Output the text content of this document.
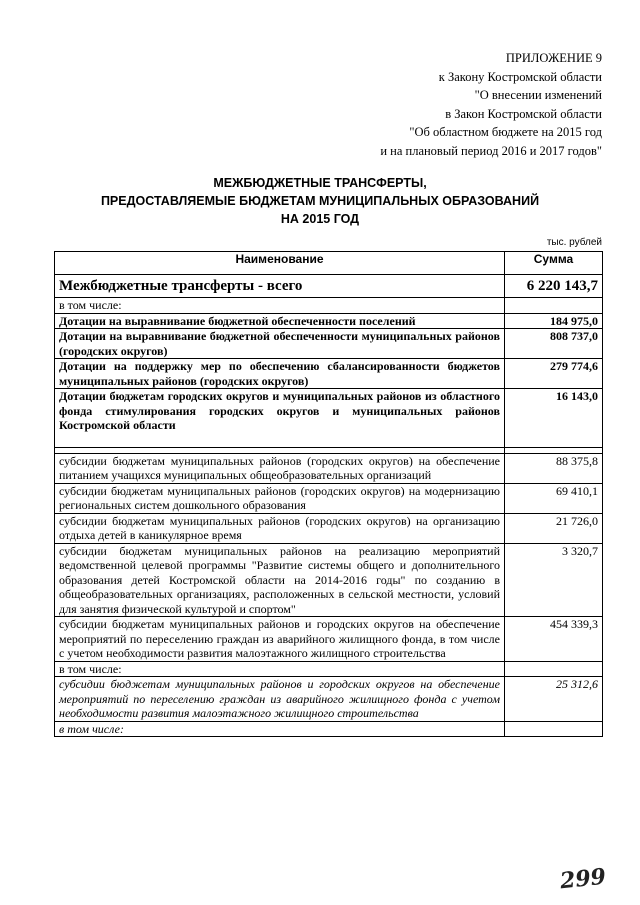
ПРИЛОЖЕНИЕ 9
к Закону Костромской области
"О внесении изменений
в Закон Костромской области
"Об областном бюджете на 2015 год
и на плановый период 2016 и 2017 годов"
МЕЖБЮДЖЕТНЫЕ ТРАНСФЕРТЫ,
ПРЕДОСТАВЛЯЕМЫЕ БЮДЖЕТАМ МУНИЦИПАЛЬНЫХ ОБРАЗОВАНИЙ
НА 2015 ГОД
тыс. рублей
Наименование	Сумма
Межбюджетные трансферты - всего	6 220 143,7
в том числе:	
Дотации на выравнивание бюджетной обеспеченности поселений	184 975,0
Дотации на выравнивание бюджетной обеспеченности муниципальных районов (городских округов)	808 737,0
Дотации на поддержку мер по обеспечению сбалансированности бюджетов муниципальных районов (городских округов)	279 774,6
Дотации бюджетам городских округов и муниципальных районов из областного фонда стимулирования городских округов и муниципальных районов Костромской области	16 143,0

субсидии бюджетам муниципальных районов (городских округов) на обеспечение питанием учащихся муниципальных общеобразовательных организаций	88 375,8
субсидии бюджетам муниципальных районов (городских округов) на модернизацию региональных систем дошкольного образования	69 410,1
субсидии бюджетам муниципальных районов (городских округов) на организацию отдыха детей в каникулярное время	21 726,0
субсидии бюджетам муниципальных районов на реализацию мероприятий ведомственной целевой программы "Развитие системы общего и дополнительного образования детей Костромской области на 2014-2016 годы" по созданию в общеобразовательных организациях, расположенных в сельской местности, условий для занятия физической культурой и спортом"	3 320,7
субсидии бюджетам муниципальных районов и городских округов на обеспечение мероприятий по переселению граждан из аварийного жилищного фонда, в том числе с учетом необходимости развития малоэтажного жилищного строительства	454 339,3
в том числе:	
субсидии бюджетам муниципальных районов и городских округов на обеспечение мероприятий по переселению граждан из аварийного жилищного фонда с учетом необходимости развития малоэтажного жилищного строительства	25 312,6
в том числе:	
299
